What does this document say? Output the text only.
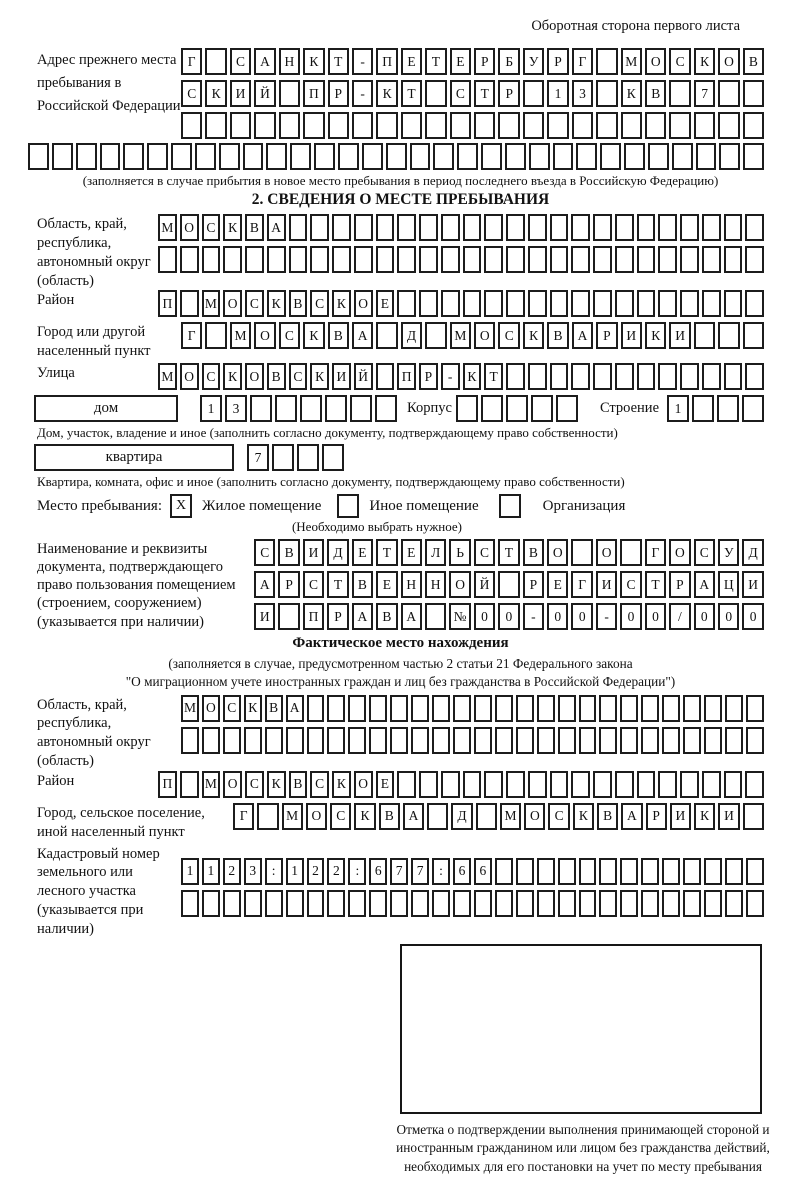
Оборотная сторона первого листа
Адрес прежнего места пребывания в Российской Федерации
Г	С	А	Н	К	Т	-	П	Е	Т	Е	Р	Б	У	Р	Г	М	О	С	К	О	В
С	К	И	Й	П	Р	-	К	Т	С	Т	Р	1	3	К	В	7
(заполняется в случае прибытия в новое место пребывания в период последнего въезда в Российскую Федерацию)
2. СВЕДЕНИЯ О МЕСТЕ ПРЕБЫВАНИЯ
Область, край, республика, автономный округ (область)
М О С К В А
Район	П	М О С К В С К О Е
Город или другой населенный пункт
Г	М	О	С	К	В	А	Д	М	О	С	К	В	А	Р	И	К	И
Улица	М О С К О В С К И Й	П Р	-	К Т
дом	1	3	Корпус	Строение	1
Дом, участок, владение и иное (заполнить согласно документу, подтверждающему право собственности)
квартира	7
Квартира, комната, офис и иное (заполнить согласно документу, подтверждающему право собственности)
Место пребывания: X	Жилое помещение	Иное помещение	Организация
(Необходимо выбрать нужное)
Наименование и реквизиты документа, подтверждающего право пользования помещением (строением, сооружением) (указывается при наличии)
С	В	И	Д	Е	Т	Е	Л	Ь	С	Т	В	О	О	Г	О	С	У	Д
А	Р	С	Т	В	Е	Н	Н	О	Й	Р	Е	Г	И	С	Т	Р	А	Ц	И
И	П	Р	А	В	А	№	0	0	-	0	0	-	0	0	/	0	0	0
Фактическое место нахождения
(заполняется в случае, предусмотренном частью 2 статьи 21 Федерального закона
"О миграционном учете иностранных граждан и лиц без гражданства в Российской Федерации")
Область, край, республика, автономный округ (область)
М О С К В А
Район	П	М О С К В С К О Е
Город, сельское поселение, иной населенный пункт
Г	М О	С	К	В	А	Д	М О	С	К	В	А	Р	И	К	И
Кадастровый номер земельного или лесного участка (указывается при наличии)
1	1	2	3	:	1	2	2	:	6	7	7	:	6	6
Отметка о подтверждении выполнения принимающей стороной и иностранным гражданином или лицом без гражданства действий, необходимых для его постановки на учет по месту пребывания
